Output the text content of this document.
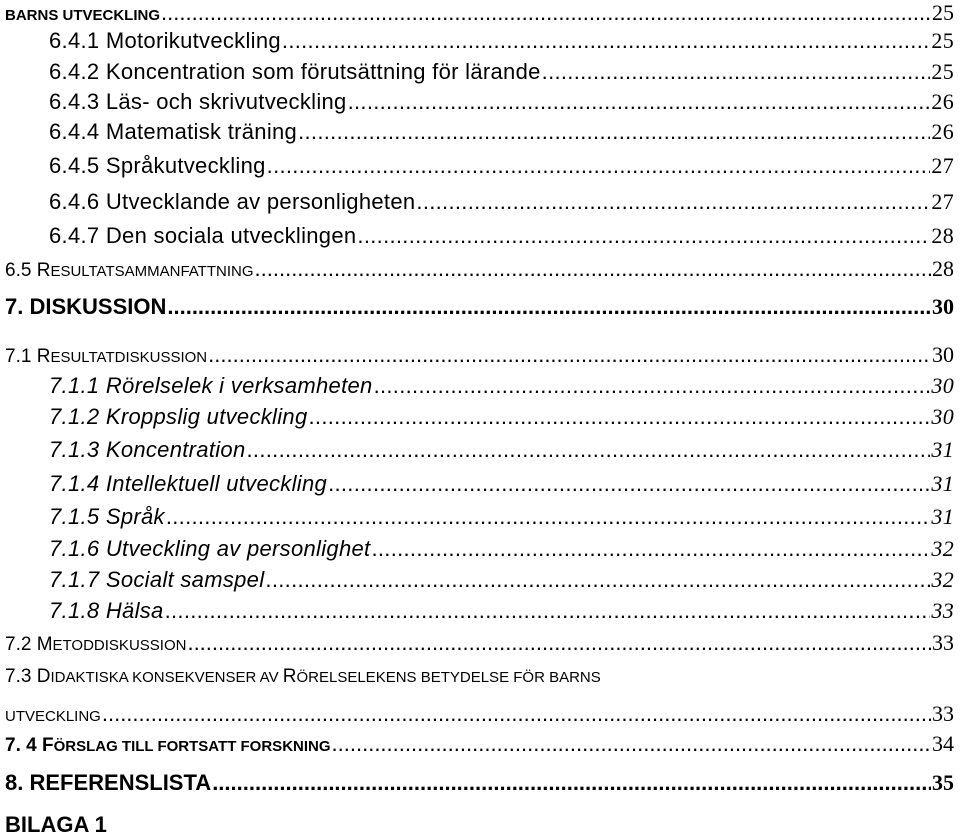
BARNS UTVECKLING .....	25
6.4.1 Motorikutveckling .....	25
6.4.2 Koncentration som förutsättning för lärande .....	25
6.4.3 Läs- och skrivutveckling .....	26
6.4.4 Matematisk träning .....	26
6.4.5 Språkutveckling .....	27
6.4.6 Utvecklande av personligheten .....	27
6.4.7 Den sociala utvecklingen .....	28
6.5 RESULTATSAMMANFATTNING .....	28
7. DISKUSSION .....	30
7.1 RESULTATDISKUSSION .....	30
7.1.1 Rörelselek i verksamheten .....	30
7.1.2 Kroppslig utveckling .....	30
7.1.3 Koncentration .....	31
7.1.4 Intellektuell utveckling .....	31
7.1.5 Språk .....	31
7.1.6 Utveckling av personlighet .....	32
7.1.7 Socialt samspel .....	32
7.1.8 Hälsa .....	33
7.2 METODDISKUSSION .....	33
7.3 DIDAKTISKA KONSEKVENSER AV RÖRELSELEKENS BETYDELSE FÖR BARNS
UTVECKLING .....	33
7. 4 FÖRSLAG TILL FORTSATT FORSKNING .....	34
8. REFERENSLISTA .....	35
BILAGA 1
